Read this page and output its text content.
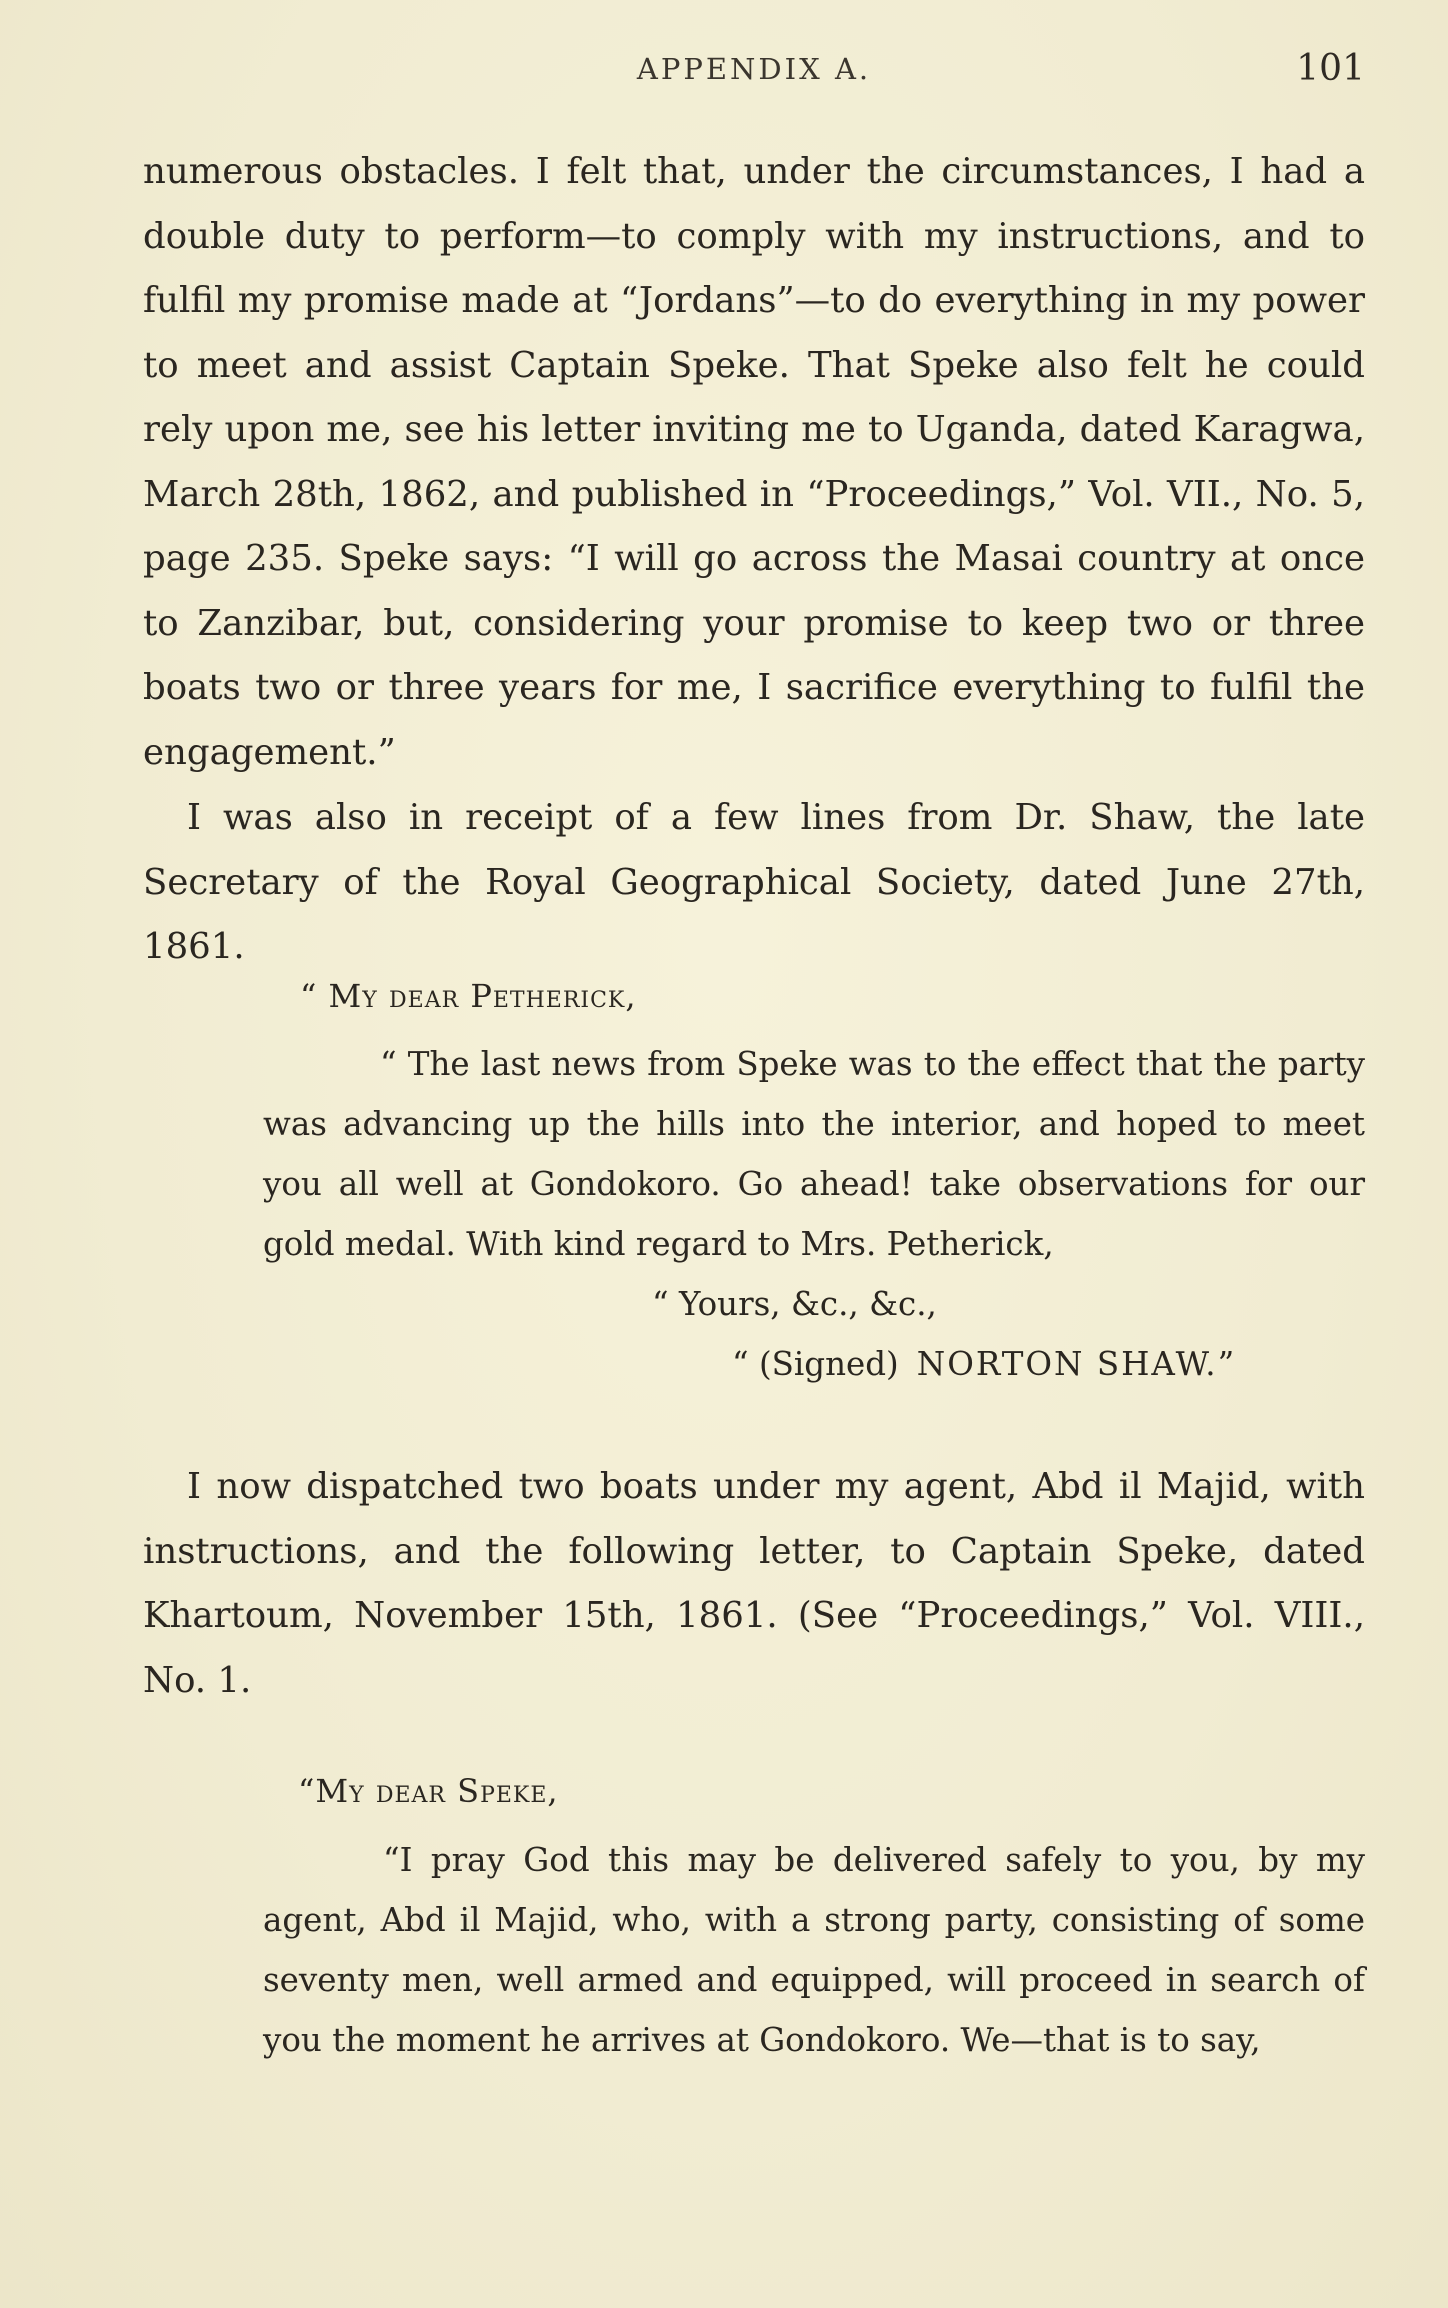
APPENDIX A.	101

numerous obstacles. I felt that, under the circumstances, I had a double duty to perform—to comply with my instructions, and to fulfil my promise made at “Jordans”—to do everything in my power to meet and assist Captain Speke. That Speke also felt he could rely upon me, see his letter inviting me to Uganda, dated Karagwa, March 28th, 1862, and published in “Proceedings,” Vol. VII., No. 5, page 235. Speke says: “I will go across the Masai country at once to Zanzibar, but, considering your promise to keep two or three boats two or three years for me, I sacrifice everything to fulfil the engagement.”

I was also in receipt of a few lines from Dr. Shaw, the late Secretary of the Royal Geographical Society, dated June 27th, 1861.

“ My dear Petherick,

“ The last news from Speke was to the effect that the party was advancing up the hills into the interior, and hoped to meet you all well at Gondokoro. Go ahead! take observations for our gold medal. With kind regard to Mrs. Petherick,

“ Yours, &c., &c.,
“ (Signed) NORTON SHAW.”

I now dispatched two boats under my agent, Abd il Majid, with instructions, and the following letter, to Captain Speke, dated Khartoum, November 15th, 1861. (See “Proceedings,” Vol. VIII., No. 1.

“My dear Speke,

“I pray God this may be delivered safely to you, by my agent, Abd il Majid, who, with a strong party, consisting of some seventy men, well armed and equipped, will proceed in search of you the moment he arrives at Gondokoro. We—that is to say,
